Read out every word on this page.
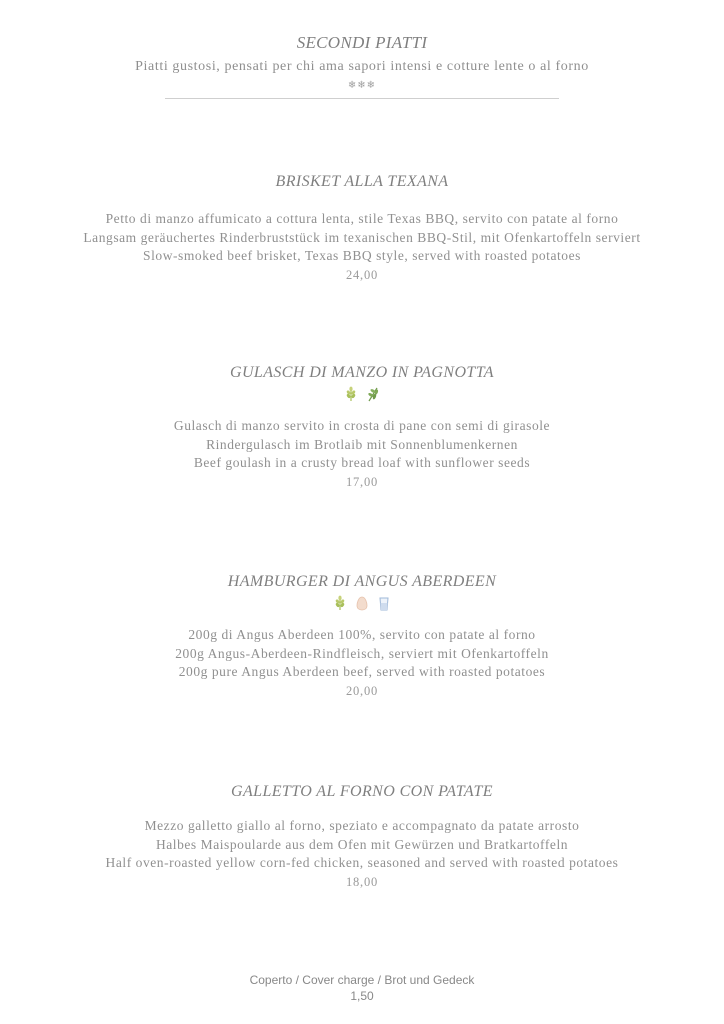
SECONDI PIATTI
Piatti gustosi, pensati per chi ama sapori intensi e cotture lente o al forno
❄❄❄
BRISKET ALLA TEXANA
Petto di manzo affumicato a cottura lenta, stile Texas BBQ, servito con patate al forno
Langsam geräuchertes Rinderbruststück im texanischen BBQ-Stil, mit Ofenkartoffeln serviert
Slow-smoked beef brisket, Texas BBQ style, served with roasted potatoes
24,00
GULASCH DI MANZO IN PAGNOTTA
Gulasch di manzo servito in crosta di pane con semi di girasole
Rindergulasch im Brotlaib mit Sonnenblumenkernen
Beef goulash in a crusty bread loaf with sunflower seeds
17,00
HAMBURGER DI ANGUS ABERDEEN
200g di Angus Aberdeen 100%, servito con patate al forno
200g Angus-Aberdeen-Rindfleisch, serviert mit Ofenkartoffeln
200g pure Angus Aberdeen beef, served with roasted potatoes
20,00
GALLETTO AL FORNO CON PATATE
Mezzo galletto giallo al forno, speziato e accompagnato da patate arrosto
Halbes Maispoularde aus dem Ofen mit Gewürzen und Bratkartoffeln
Half oven-roasted yellow corn-fed chicken, seasoned and served with roasted potatoes
18,00
Coperto / Cover charge / Brot und Gedeck
1,50
